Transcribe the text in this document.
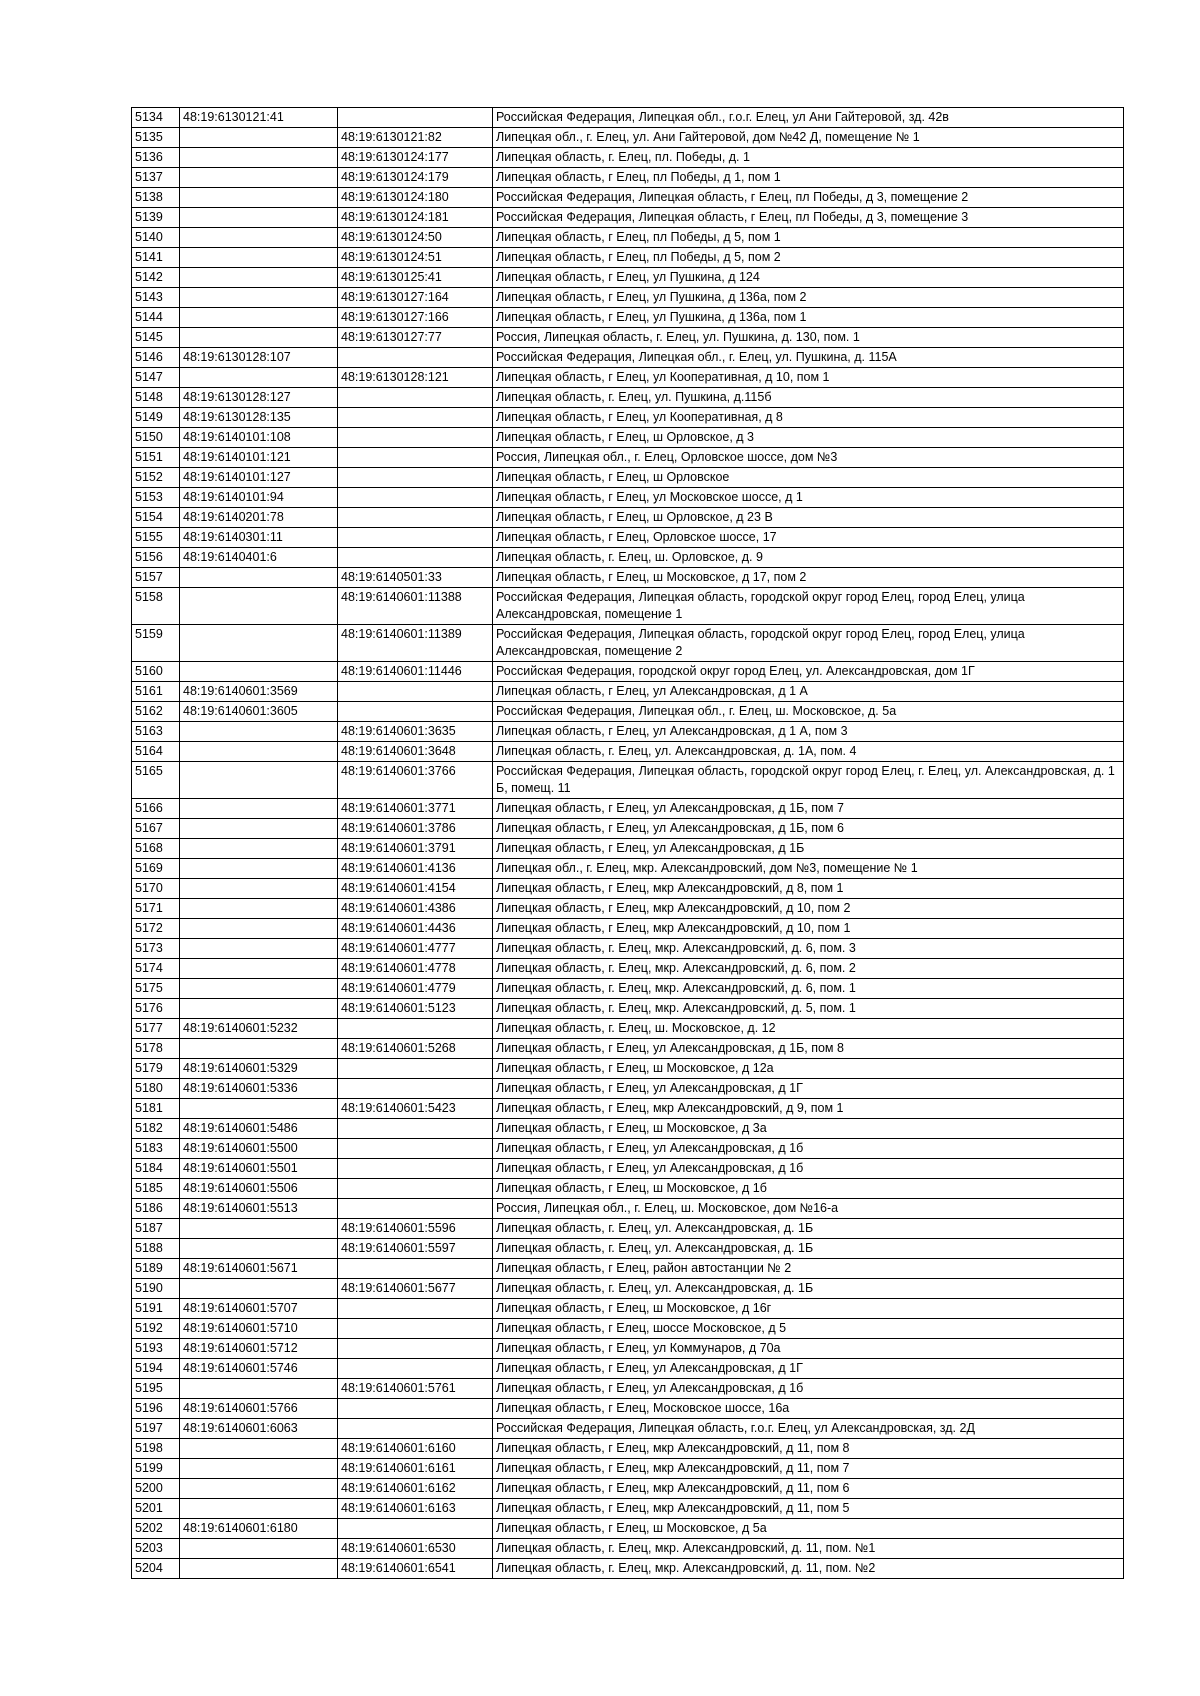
5134	48:19:6130121:41		Российская Федерация, Липецкая обл., г.о.г. Елец, ул Ани Гайтеровой, зд. 42в
5135		48:19:6130121:82	Липецкая обл., г. Елец, ул. Ани Гайтеровой, дом №42 Д, помещение № 1
5136		48:19:6130124:177	Липецкая область, г. Елец, пл. Победы, д. 1
5137		48:19:6130124:179	Липецкая область, г Елец, пл Победы, д 1, пом 1
5138		48:19:6130124:180	Российская Федерация, Липецкая область, г Елец, пл Победы, д 3, помещение 2
5139		48:19:6130124:181	Российская Федерация, Липецкая область, г Елец, пл Победы, д 3, помещение 3
5140		48:19:6130124:50	Липецкая область, г Елец, пл Победы, д 5, пом 1
5141		48:19:6130124:51	Липецкая область, г Елец, пл Победы, д 5, пом 2
5142		48:19:6130125:41	Липецкая область, г Елец, ул Пушкина, д 124
5143		48:19:6130127:164	Липецкая область, г Елец, ул Пушкина, д 136а, пом 2
5144		48:19:6130127:166	Липецкая область, г Елец, ул Пушкина, д 136а, пом 1
5145		48:19:6130127:77	Россия, Липецкая область, г. Елец, ул. Пушкина, д. 130, пом. 1
5146	48:19:6130128:107		Российская Федерация, Липецкая обл., г. Елец, ул. Пушкина, д. 115А
5147		48:19:6130128:121	Липецкая область, г Елец, ул Кооперативная, д 10, пом 1
5148	48:19:6130128:127		Липецкая область, г. Елец, ул. Пушкина, д.115б
5149	48:19:6130128:135		Липецкая область, г Елец, ул Кооперативная, д 8
5150	48:19:6140101:108		Липецкая область, г Елец, ш Орловское, д 3
5151	48:19:6140101:121		Россия, Липецкая обл., г. Елец, Орловское шоссе, дом №3
5152	48:19:6140101:127		Липецкая область, г Елец, ш Орловское
5153	48:19:6140101:94		Липецкая область, г Елец, ул Московское шоссе, д 1
5154	48:19:6140201:78		Липецкая область, г Елец, ш Орловское, д 23 В
5155	48:19:6140301:11		Липецкая область, г Елец, Орловское шоссе, 17
5156	48:19:6140401:6		Липецкая область, г. Елец, ш. Орловское, д. 9
5157		48:19:6140501:33	Липецкая область, г Елец, ш Московское, д 17, пом 2
5158		48:19:6140601:11388	Российская Федерация, Липецкая область, городской округ город Елец, город Елец, улица Александровская, помещение 1
5159		48:19:6140601:11389	Российская Федерация, Липецкая область, городской округ город Елец, город Елец, улица Александровская, помещение 2
5160		48:19:6140601:11446	Российская Федерация, городской округ город Елец, ул. Александровская, дом 1Г
5161	48:19:6140601:3569		Липецкая область, г Елец, ул Александровская, д 1 А
5162	48:19:6140601:3605		Российская Федерация, Липецкая обл., г. Елец, ш. Московское, д. 5а
5163		48:19:6140601:3635	Липецкая область, г Елец, ул Александровская, д 1 А, пом 3
5164		48:19:6140601:3648	Липецкая область, г. Елец, ул. Александровская, д. 1А, пом. 4
5165		48:19:6140601:3766	Российская Федерация, Липецкая область, городской округ город Елец, г. Елец, ул. Александровская, д. 1 Б, помещ. 11
5166		48:19:6140601:3771	Липецкая область, г Елец, ул Александровская, д 1Б, пом 7
5167		48:19:6140601:3786	Липецкая область, г Елец, ул Александровская, д 1Б, пом 6
5168		48:19:6140601:3791	Липецкая область, г Елец, ул Александровская, д 1Б
5169		48:19:6140601:4136	Липецкая обл., г. Елец, мкр. Александровский, дом №3, помещение № 1
5170		48:19:6140601:4154	Липецкая область, г Елец, мкр Александровский, д 8, пом 1
5171		48:19:6140601:4386	Липецкая область, г Елец, мкр Александровский, д 10, пом 2
5172		48:19:6140601:4436	Липецкая область, г Елец, мкр Александровский, д 10, пом 1
5173		48:19:6140601:4777	Липецкая область, г. Елец, мкр. Александровский, д. 6, пом. 3
5174		48:19:6140601:4778	Липецкая область, г. Елец, мкр. Александровский, д. 6, пом. 2
5175		48:19:6140601:4779	Липецкая область, г. Елец, мкр. Александровский, д. 6, пом. 1
5176		48:19:6140601:5123	Липецкая область, г. Елец, мкр. Александровский, д. 5, пом. 1
5177	48:19:6140601:5232		Липецкая область, г. Елец, ш. Московское, д. 12
5178		48:19:6140601:5268	Липецкая область, г Елец, ул Александровская, д 1Б, пом 8
5179	48:19:6140601:5329		Липецкая область, г Елец, ш Московское, д 12а
5180	48:19:6140601:5336		Липецкая область, г Елец, ул Александровская, д 1Г
5181		48:19:6140601:5423	Липецкая область, г Елец, мкр Александровский, д 9, пом 1
5182	48:19:6140601:5486		Липецкая область, г Елец, ш Московское, д 3а
5183	48:19:6140601:5500		Липецкая область, г Елец, ул Александровская, д 1б
5184	48:19:6140601:5501		Липецкая область, г Елец, ул Александровская, д 1б
5185	48:19:6140601:5506		Липецкая область, г Елец, ш Московское, д 1б
5186	48:19:6140601:5513		Россия, Липецкая обл., г. Елец, ш. Московское, дом №16-а
5187		48:19:6140601:5596	Липецкая область, г. Елец, ул. Александровская, д. 1Б
5188		48:19:6140601:5597	Липецкая область, г. Елец, ул. Александровская, д. 1Б
5189	48:19:6140601:5671		Липецкая область, г Елец, район автостанции № 2
5190		48:19:6140601:5677	Липецкая область, г. Елец, ул. Александровская, д. 1Б
5191	48:19:6140601:5707		Липецкая область, г Елец, ш Московское, д 16г
5192	48:19:6140601:5710		Липецкая область, г Елец, шоссе Московское, д 5
5193	48:19:6140601:5712		Липецкая область, г Елец, ул Коммунаров, д 70а
5194	48:19:6140601:5746		Липецкая область, г Елец, ул Александровская, д 1Г
5195		48:19:6140601:5761	Липецкая область, г Елец, ул Александровская, д 1б
5196	48:19:6140601:5766		Липецкая область, г Елец, Московское шоссе, 16а
5197	48:19:6140601:6063		Российская Федерация, Липецкая область, г.о.г. Елец, ул Александровская, зд. 2Д
5198		48:19:6140601:6160	Липецкая область, г Елец, мкр Александровский, д 11, пом 8
5199		48:19:6140601:6161	Липецкая область, г Елец, мкр Александровский, д 11, пом 7
5200		48:19:6140601:6162	Липецкая область, г Елец, мкр Александровский, д 11, пом 6
5201		48:19:6140601:6163	Липецкая область, г Елец, мкр Александровский, д 11, пом 5
5202	48:19:6140601:6180		Липецкая область, г Елец, ш Московское, д 5а
5203		48:19:6140601:6530	Липецкая область, г. Елец, мкр. Александровский, д. 11, пом. №1
5204		48:19:6140601:6541	Липецкая область, г. Елец, мкр. Александровский, д. 11, пом. №2
